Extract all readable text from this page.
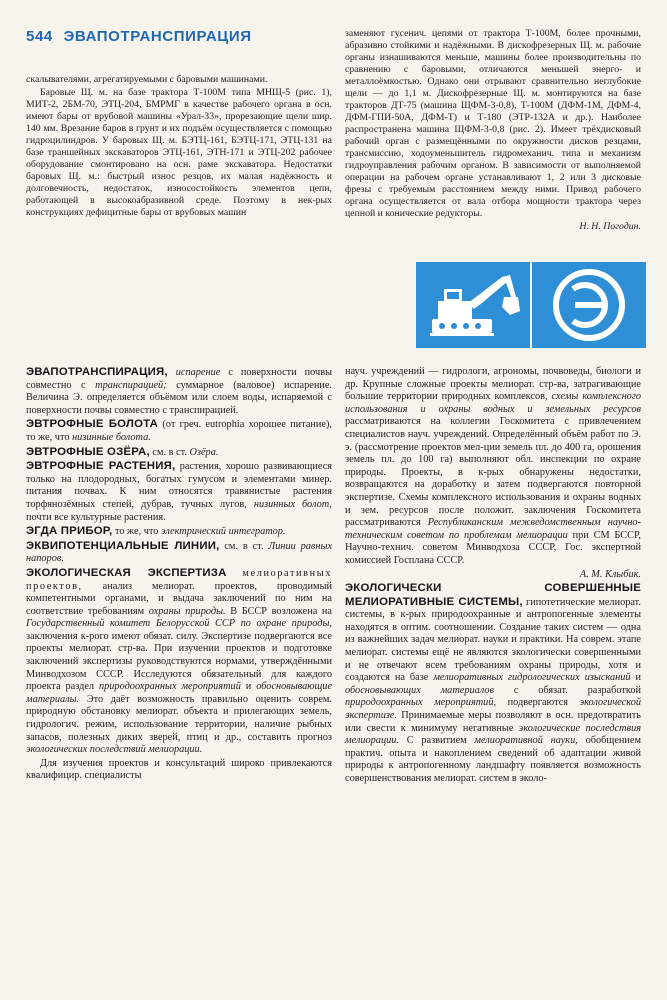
544 ЭВАПОТРАНСПИРАЦИЯ

скалывателями, агрегатируемыми с баровыми машинами.

Баровые Щ. м. на базе трактора Т-100М типа МНЩ-5 (рис. 1), МИТ-2, 2БМ-70, ЭТЦ-204, БМРМГ в качестве рабочего органа в осн. имеют бары от врубовой машины «Урал-33», прорезающие щели шир. 140 мм. Врезание баров в грунт и их подъём осуществляется с помощью гидроцилиндров. У баровых Щ. м. БЭТЦ-161, БЭТЦ-171, ЭТЦ-131 на базе траншейных экскаваторов ЭТЦ-161, ЭТН-171 и ЭТЦ-202 рабочее оборудование смонтировано на осн. раме экскаватора. Недостатки баровых Щ. м.: быстрый износ резцов, их малая надёжность и долговечность, недостаток, износостойкость элементов цепи, работающей в высокоабразивной среде. Поэтому в нек-рых конструкциях дефицитные бары от врубовых машин

заменяют гусенич. цепями от трактора Т-100М, более прочными, абразивно стойкими и надёжными. В дискофрезерных Щ. м. рабочие органы изнашиваются меньше, машины более производительны по сравнению с баровыми, отличаются меньшей энерго- и металлоёмкостью. Однако они отрывают сравнительно неглубокие щели — до 1,1 м. Дискофрезерные Щ. м. монтируются на базе тракторов ДТ-75 (машина ЩФМ-3-0,8), Т-100М (ДФМ-1М, ДФМ-4, ДФМ-ГПИ-50А, ДФМ-Т) и Т-180 (ЭТР-132А и др.). Наиболее распространена машина ЩФМ-3-0,8 (рис. 2). Имеет трёхдисковый рабочий орган с размещёнными по окружности дисков резцами, трансмиссию, ходоуменьшитель гидромеханич. типа и механизм гидроуправления рабочим органом. В зависимости от выполняемой операции на рабочем органе устанавливают 1, 2 или 3 дисковые фрезы с требуемым расстоянием между ними. Привод рабочего органа осуществляется от вала отбора мощности трактора через цепной и конические редукторы.

Н. Н. Погодин.

ЭВАПОТРАНСПИРАЦИЯ, испарение с поверхности почвы совместно с транспирацией; суммарное (валовое) испарение. Величина Э. определяется объёмом или слоем воды, испаряемой с поверхности почвы совместно с транспирацией.

ЭВТРОФНЫЕ БОЛОТА (от греч. eutrophia хорошее питание), то же, что низинные болота.

ЭВТРОФНЫЕ ОЗЁРА, см. в ст. Озёра.

ЭВТРОФНЫЕ РАСТЕНИЯ, растения, хорошо развивающиеся только на плодородных, богатых гумусом и элементами минер. питания почвах. К ним относятся травянистые растения торфянозёмных степей, дубрав, тучных лугов, низинных болот, почти все культурные растения.

ЭГДА ПРИБОР, то же, что электрический интегратор.

ЭКВИПОТЕНЦИАЛЬНЫЕ ЛИНИИ, см. в ст. Линии равных напоров.

ЭКОЛОГИЧЕСКАЯ ЭКСПЕРТИЗА мелиоративных проектов, анализ мелиорат. проектов, проводимый компетентными органами, и выдача заключений по ним на соответствие требованиям охраны природы. В БССР возложена на Государственный комитет Белорусской ССР по охране природы, заключения к-рого имеют обязат. силу. Экспертизе подвергаются все проекты мелиорат. стр-ва. При изучении проектов и подготовке заключений экспертизы руководствуются нормами, утверждёнными Минводхозом СССР. Исследуются обязательный для каждого проекта раздел природоохранных мероприятий и обосновывающие материалы. Это даёт возможность правильно оценить соврем. природную обстановку мелиорат. объекта и прилегающих земель, гидрологич. режим, использование территории, наличие рыбных запасов, полезных диких зверей, птиц и др., составить прогноз экологических последствий мелиорации.

Для изучения проектов и консультаций широко привлекаются квалифицир. специалисты

науч. учреждений — гидрологи, агрономы, почвоведы, биологи и др. Крупные сложные проекты мелиорат. стр-ва, затрагивающие большие территории природных комплексов, схемы комплексного использования и охраны водных и земельных ресурсов рассматриваются на коллегии Госкомитета с привлечением специалистов науч. учреждений. Определённый объём работ по Э. э. (рассмотрение проектов мел-ции земель пл. до 400 га, орошения земель пл. до 100 га) выполняют обл. инспекции по охране природы. Проекты, в к-рых обнаружены недостатки, возвращаются на доработку и затем подвергаются повторной экспертизе. Схемы комплексного использования и охраны водных и зем. ресурсов после положит. заключения Госкомитета рассматриваются Республиканским межведомственным научно-техническим советом по проблемам мелиорации при СМ БССР, Научно-технич. советом Минводхоза СССР, Гос. экспертной комиссией Госплана СССР.

А. М. Клыбик.

ЭКОЛОГИЧЕСКИ СОВЕРШЕННЫЕ МЕЛИОРАТИВНЫЕ СИСТЕМЫ, гипотетические мелиорат. системы, в к-рых природоохранные и антропогенные элементы находятся в оптим. соотношении. Создание таких систем — одна из важнейших задач мелиорат. науки и практики. На соврем. этапе мелиорат. системы ещё не являются экологически совершенными и не отвечают всем требованиям охраны природы, хотя и создаются на базе мелиоративных гидрологических изысканий и обосновывающих материалов с обязат. разработкой природоохранных мероприятий, подвергаются экологической экспертизе. Принимаемые меры позволяют в осн. предотвратить или свести к минимуму негативные экологические последствия мелиорации. С развитием мелиоративной науки, обобщением практич. опыта и накоплением сведений об адаптации живой природы к антропогенному ландшафту появляется возможность совершенствования мелиорат. систем в эколо-
